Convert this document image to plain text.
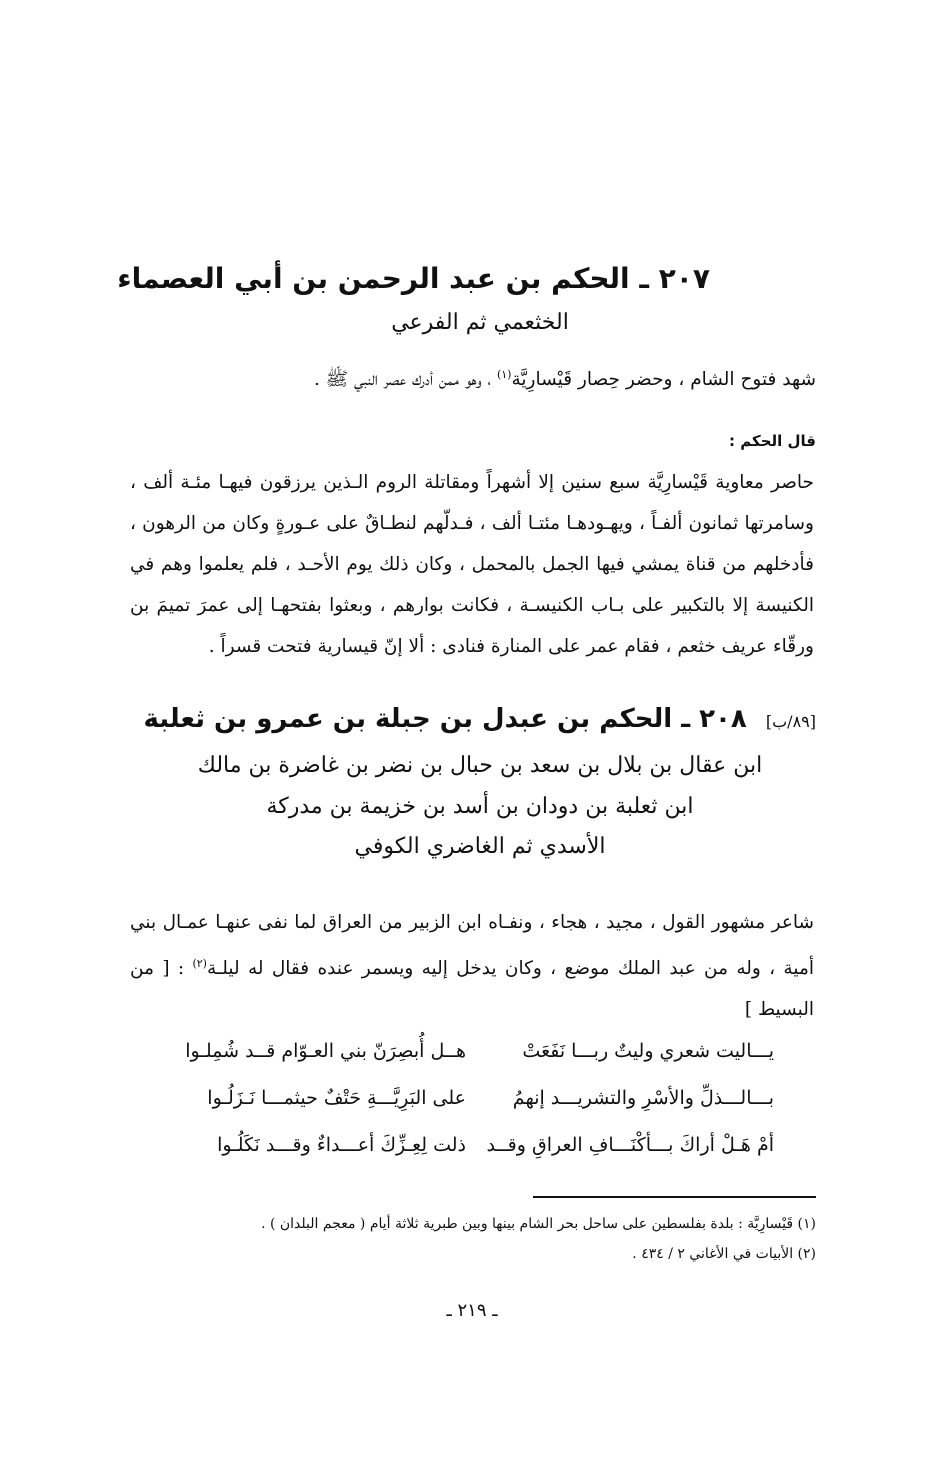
٢٠٧ ـ الحكم بن عبد الرحمن بن أبي العصماء
الخثعمي ثم الفرعي
شهد فتوح الشام ، وحضر حِصار قَيْسارِيَّة$^{(١)}$ ، وهو ممن أدرك عصر النبي ﷺ .
قال الحكم :
حاصر معاوية قَيْسارِيَّة سبع سنين إلا أشهراً ومقاتلة الروم الـذين يرزقون فيهـا مئـة ألف ، وسامرتها ثمانون ألفـاً ، ويهـودهـا مئتـا ألف ، فـدلّهم لنطـاقٌ على عـورةٍ وكان من الرهون ، فأدخلهم من قناة يمشي فيها الجمل بالمحمل ، وكان ذلك يوم الأحـد ، فلم يعلموا وهم في الكنيسة إلا بالتكبير على بـاب الكنيسـة ، فكانت بوارهم ، وبعثوا بفتحهـا إلى عمرَ تميمَ بن ورقّاء عريف خثعم ، فقام عمر على المنارة فنادى : ألا إنّ قيسارية فتحت قسراً .
[٨٩/ب] ٢٠٨ ـ الحكم بن عبدل بن جبلة بن عمرو بن ثعلبة
ابن عقال بن بلال بن سعد بن حبال بن نضر بن غاضرة بن مالك
ابن ثعلبة بن دودان بن أسد بن خزيمة بن مدركة
الأسدي ثم الغاضري الكوفي
شاعر مشهور القول ، مجيد ، هجاء ، ونفـاه ابن الزبير من العراق لما نفى عنهـا عمـال بني أمية ، وله من عبد الملك موضع ، وكان يدخل إليه ويسمر عنده فقال له ليلـة$^{(٢)}$ : [ من البسيط ]
يـــاليت شعري وليتٌ ربـــا نَفَعَتْ
هــل أُبصِرَنّ بني العـوّام قــد شُمِلـوا
بـــالـــذلِّ والأسْرِ والتشريـــد إنهمُ
على البَرِيَّـــةِ حَتْفٌ حيثمـــا نَـزَلُـوا
أمْ هَـلْ أراكَ بـــأكْنَـــافِ العراقِ وقــد
ذلت لِعِـزِّكَ أعـــداءٌ وقـــد نَكَلُـوا
(١) قَيْسارِيَّة : بلدة بفلسطين على ساحل بحر الشام بينها وبين طبرية ثلاثة أيام ( معجم البلدان ) .
(٢) الأبيات في الأغاني ٢ / ٤٣٤ .
ـ ٢١٩ ـ
